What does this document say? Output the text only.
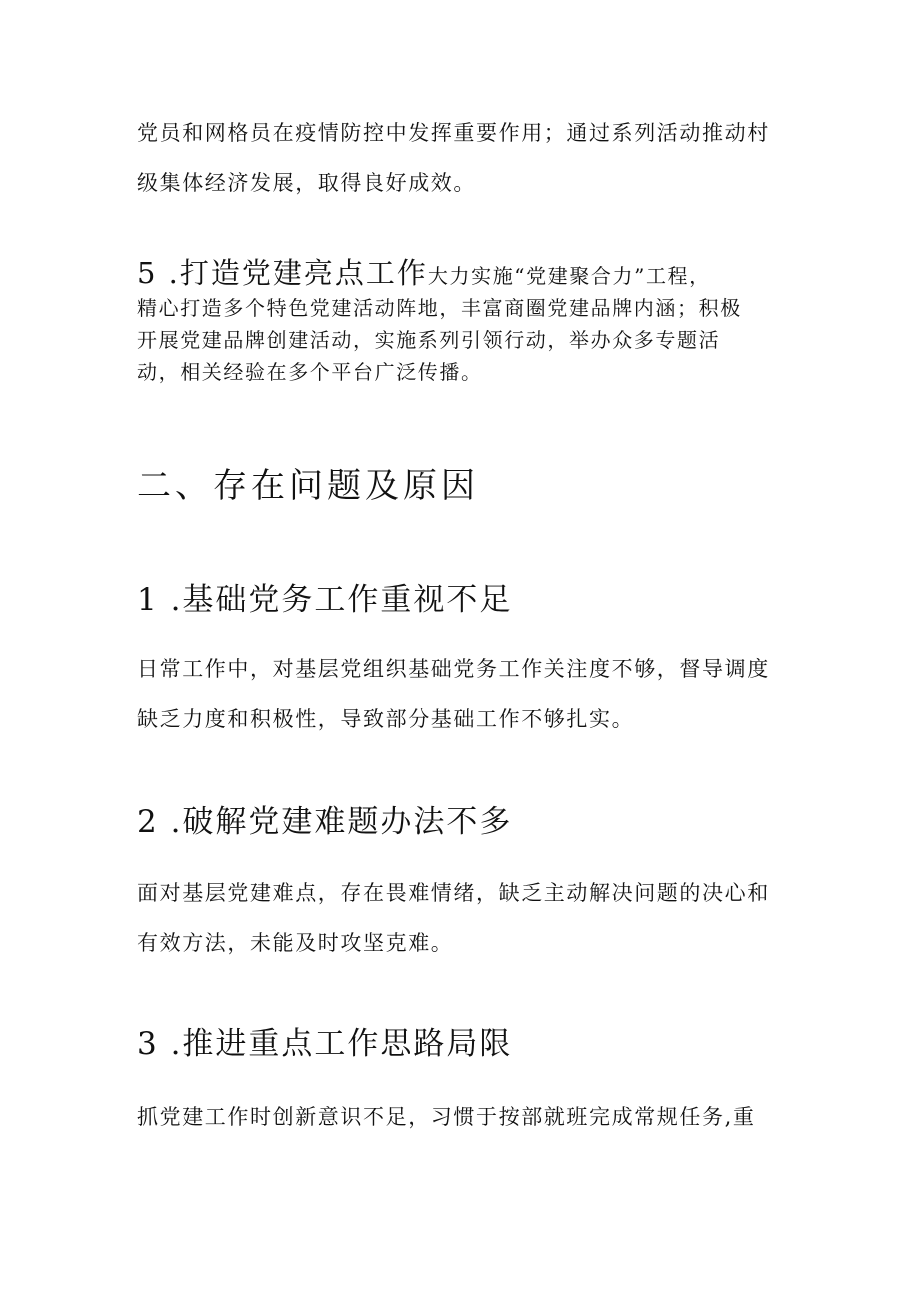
党员和网格员在疫情防控中发挥重要作用；通过系列活动推动村
级集体经济发展，取得良好成效。

5 .打造党建亮点工作大力实施“党建聚合力”工程，
精心打造多个特色党建活动阵地，丰富商圈党建品牌内涵；积极
开展党建品牌创建活动，实施系列引领行动，举办众多专题活
动，相关经验在多个平台广泛传播。
二、存在问题及原因
1 .基础党务工作重视不足

日常工作中，对基层党组织基础党务工作关注度不够，督导调度
缺乏力度和积极性，导致部分基础工作不够扎实。

2 .破解党建难题办法不多

面对基层党建难点，存在畏难情绪，缺乏主动解决问题的决心和
有效方法，未能及时攻坚克难。

3 .推进重点工作思路局限

抓党建工作时创新意识不足，习惯于按部就班完成常规任务,重
